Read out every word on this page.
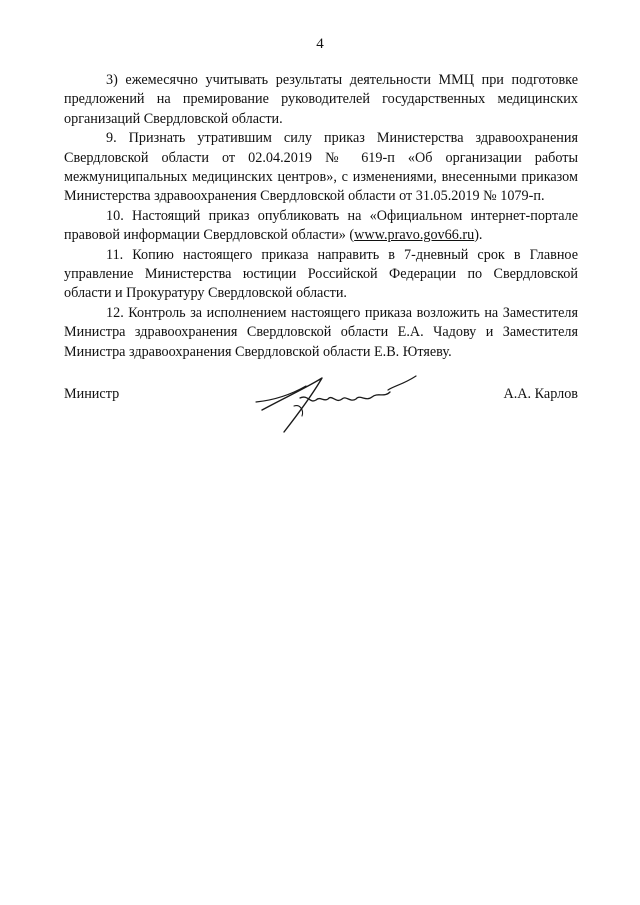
4

3) ежемесячно учитывать результаты деятельности ММЦ при подготовке предложений на премирование руководителей государственных медицинских организаций Свердловской области.

9. Признать утратившим силу приказ Министерства здравоохранения Свердловской области от 02.04.2019 № 619-п «Об организации работы межмуниципальных медицинских центров», с изменениями, внесенными приказом Министерства здравоохранения Свердловской области от 31.05.2019 № 1079-п.

10. Настоящий приказ опубликовать на «Официальном интернет-портале правовой информации Свердловской области» (www.pravo.gov66.ru).

11. Копию настоящего приказа направить в 7-дневный срок в Главное управление Министерства юстиции Российской Федерации по Свердловской области и Прокуратуру Свердловской области.

12. Контроль за исполнением настоящего приказа возложить на Заместителя Министра здравоохранения Свердловской области Е.А. Чадову и Заместителя Министра здравоохранения Свердловской области Е.В. Ютяеву.

Министр	А.А. Карлов
